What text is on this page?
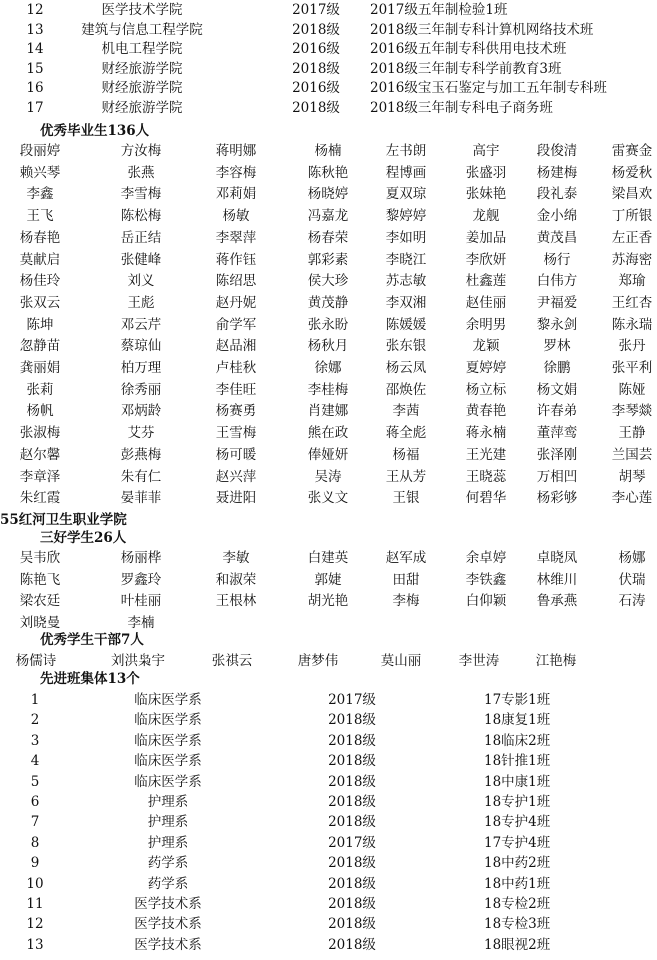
12	医学技术学院	2017级 2017级五年制检验1班
13	建筑与信息工程学院	2018级 2018级三年制专科计算机网络技术班
14	机电工程学院	2016级 2016级五年制专科供用电技术班
15	财经旅游学院	2018级 2018级三年制专科学前教育3班
16	财经旅游学院	2016级 2016级宝玉石鉴定与加工五年制专科班
17	财经旅游学院	2018级 2018级三年制专科电子商务班
优秀毕业生136人
段丽婷	方汝梅	蒋明娜	杨楠	左书朗	高宇	段俊清	雷赛金
赖兴琴	张燕	李容梅	陈秋艳	程博画	张盛羽 杨建梅	杨爱秋
李鑫	李雪梅	邓莉娟	杨晓婷	夏双琼	张妹艳 段礼泰	梁昌欢
王飞	陈松梅	杨敏	冯嘉龙	黎婷婷	龙舰	金小绵	丁所银
杨春艳	岳正结	李翠萍	杨春荣	李如明	姜加品 黄茂昌	左正香
莫献启	张健峰	蒋作钰	郭彩素	李晓江	李欣妍	杨行	苏海密
杨佳玲	刘义	陈绍思	侯大珍	苏志敏	杜鑫莲 白伟方	郑瑜
张双云	王彪	赵丹妮	黄茂静	李双湘	赵佳丽 尹福爱	王红杏
陈坤	邓云芹	俞学军	张永盼	陈媛媛	余明男 黎永剑	陈永瑞
忽静苗	蔡琼仙	赵品湘	杨秋月	张东银	龙颖	罗林	张丹
龚丽娟	柏万理	卢桂秋	徐娜	杨云凤	夏婷婷	徐鹏	张平利
张莉	徐秀丽	李佳旺	李桂梅	邵焕佐	杨立标 杨文娟	陈娅
杨帆	邓炳龄	杨赛勇	肖建娜	李茜	黄春艳 许春弟	李琴燚
张淑梅	艾芬	王雪梅	熊在政	蒋全彪	蒋永楠 董萍鸾	王静
赵尔馨	彭燕梅	杨可暖	俸娅妍	杨福	王光建 张泽刚	兰国芸
李章泽	朱有仁	赵兴萍	吴涛	王从芳	王晓蕊 万相凹	胡琴
朱红霞	晏菲菲	聂进阳	张义文	王银	何碧华 杨彩够	李心莲
55红河卫生职业学院
三好学生26人
吴韦欣	杨丽桦	李敏	白建英	赵军成	余卓婷 卓晓凤	杨娜
陈艳飞	罗鑫玲	和淑荣	郭婕	田甜	李铁鑫 林维川	伏瑞
梁农廷	叶桂丽	王根林	胡光艳	李梅	白仰颖 鲁承燕	石涛
刘晓曼	李楠
优秀学生干部7人
杨儒诗	刘洪枭宇	张祺云	唐梦伟	莫山丽	李世涛	江艳梅
先进班集体13个
1	临床医学系	2017级	17专影1班
2	临床医学系	2018级	18康复1班
3	临床医学系	2018级	18临床2班
4	临床医学系	2018级	18针推1班
5	临床医学系	2018级	18中康1班
6	护理系	2018级	18专护1班
7	护理系	2018级	18专护4班
8	护理系	2017级	17专护4班
9	药学系	2018级	18中药2班
10	药学系	2018级	18中药1班
11	医学技术系	2018级	18专检2班
12	医学技术系	2018级	18专检3班
13	医学技术系	2018级	18眼视2班
